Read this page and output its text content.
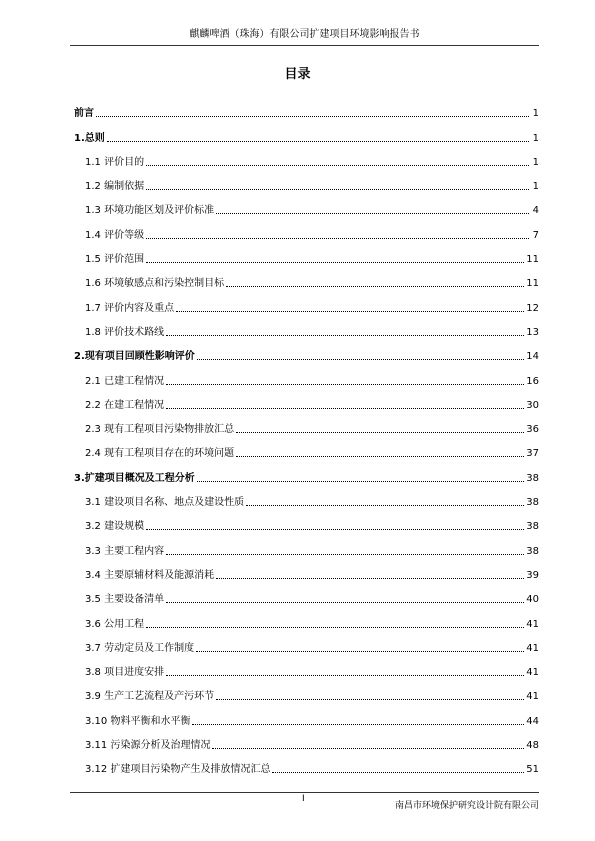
麒麟啤酒（珠海）有限公司扩建项目环境影响报告书
目录
前言	1
1.总则	1
1.1 评价目的	1
1.2 编制依据	1
1.3 环境功能区划及评价标准	4
1.4 评价等级	7
1.5 评价范围	11
1.6 环境敏感点和污染控制目标	11
1.7 评价内容及重点	12
1.8 评价技术路线	13
2.现有项目回顾性影响评价	14
2.1 已建工程情况	16
2.2 在建工程情况	30
2.3 现有工程项目污染物排放汇总	36
2.4 现有工程项目存在的环境问题	37
3.扩建项目概况及工程分析	38
3.1 建设项目名称、地点及建设性质	38
3.2 建设规模	38
3.3 主要工程内容	38
3.4 主要原辅材料及能源消耗	39
3.5 主要设备清单	40
3.6 公用工程	41
3.7 劳动定员及工作制度	41
3.8 项目进度安排	41
3.9 生产工艺流程及产污环节	41
3.10 物料平衡和水平衡	44
3.11 污染源分析及治理情况	48
3.12 扩建项目污染物产生及排放情况汇总	51
I
南昌市环境保护研究设计院有限公司
